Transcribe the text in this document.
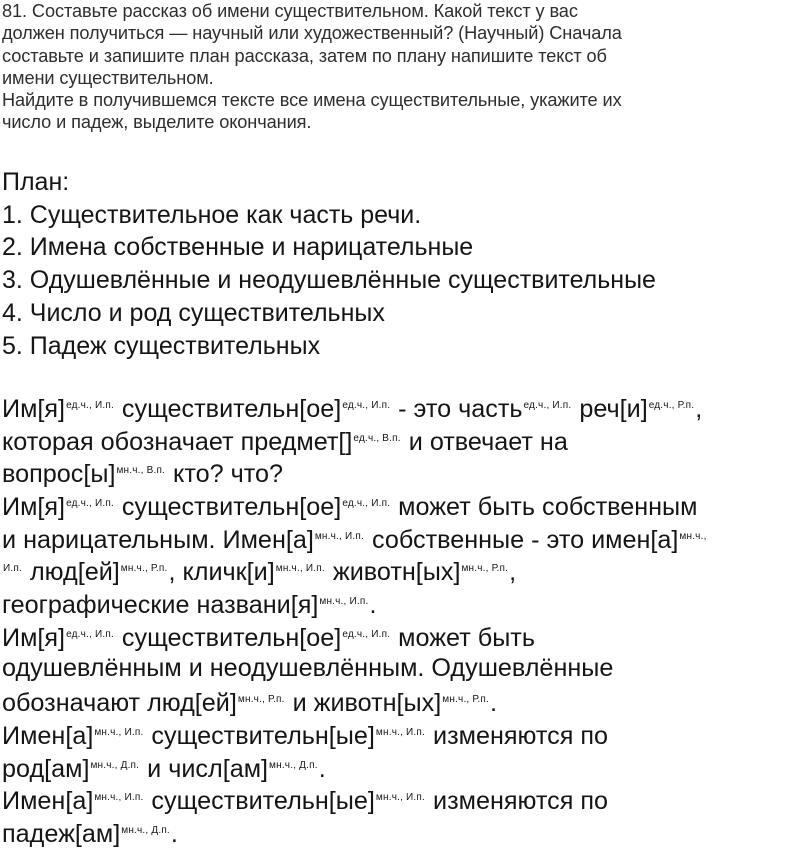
81. Составьте рассказ об имени существительном. Какой текст у вас
должен получиться — научный или художественный? (Научный) Сначала
составьте и запишите план рассказа, затем по плану напишите текст об
имени существительном.
Найдите в получившемся тексте все имена существительные, укажите их
число и падеж, выделите окончания.
План:
1. Существительное как часть речи.
2. Имена собственные и нарицательные
3. Одушевлённые и неодушевлённые существительные
4. Число и род существительных
5. Падеж существительных
$Им[я]^{ед.ч., И.п.}$ существительн[ое]$^{ед.ч., И.п.}$ - это часть$^{ед.ч., И.п.}$ $реч[и]^{ед.ч., Р.п.}$,
которая обозначает предмет[]$^{ед.ч., В.п.}$ и отвечает на
$вопрос[ы]^{мн.ч., В.п.}$ кто? что?
$Им[я]^{ед.ч., И.п.}$ существительн[ое]$^{ед.ч., И.п.}$ может быть собственным
и нарицательным. $Имен[а]^{мн.ч., И.п.}$ собственные - это $имен[а]^{мн.ч.,}$
$^{И.п.}$ люд[ей]$^{мн.ч., Р.п.}$, $кличк[и]^{мн.ч., И.п.}$ животн[ых]$^{мн.ч., Р.п.}$,
географические $названи[я]^{мн.ч., И.п.}$.
$Им[я]^{ед.ч., И.п.}$ существительн[ое]$^{ед.ч., И.п.}$ может быть
одушевлённым и неодушевлённым. Одушевлённые
обозначают люд[ей]$^{мн.ч., Р.п.}$ и животн[ых]$^{мн.ч., Р.п.}$.
$Имен[а]^{мн.ч., И.п.}$ существительн[ые]$^{мн.ч., И.п.}$ изменяются по
род[ам]$^{мн.ч., Д.п.}$ и числ[ам]$^{мн.ч., Д.п.}$.
$Имен[а]^{мн.ч., И.п.}$ существительн[ые]$^{мн.ч., И.п.}$ изменяются по
падеж[ам]$^{мн.ч., Д.п.}$.
